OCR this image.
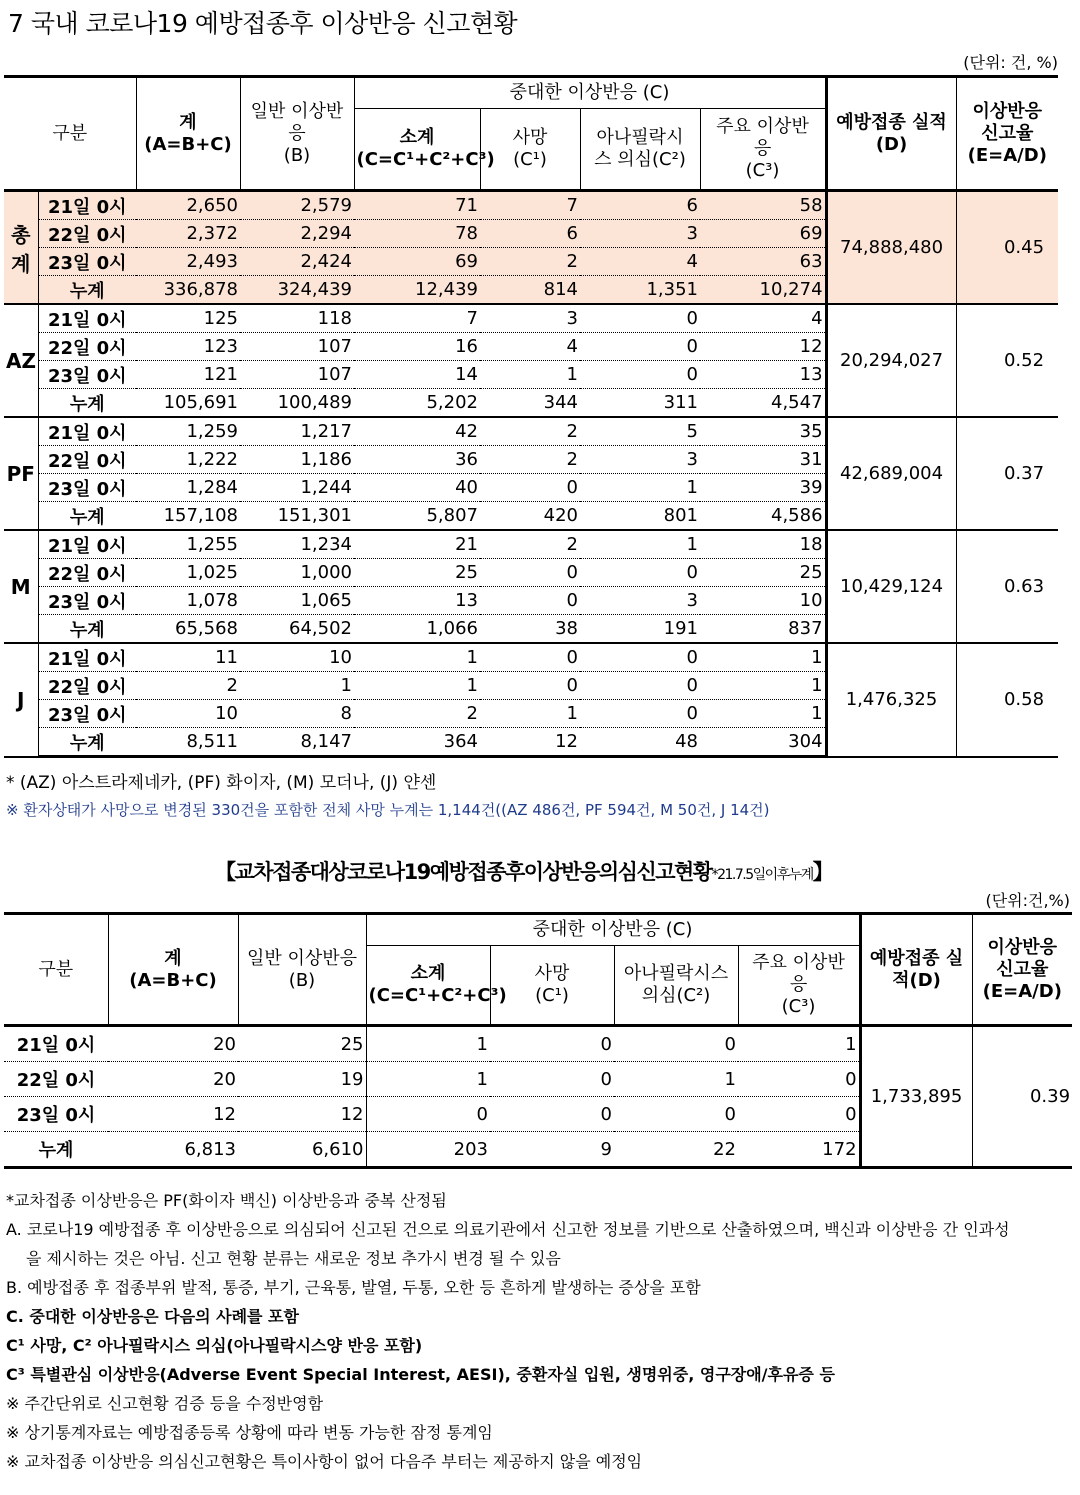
7 국내 코로나19 예방접종후 이상반응 신고현황
(단위: 건, %)
구분		계
(A=B+C)	일반 이상반
응
(B)	중대한 이상반응 (C)				예방접종 실적
(D)	이상반응
신고율
(E=A/D)
				소계
(C=C¹+C²+C³)	사망
(C¹)	아나필락시
스 의심(C²)	주요 이상반
응
(C³)		
총
계	21일 0시	2,650	2,579	71	7	6	58	74,888,480	0.45
	22일 0시	2,372	2,294	78	6	3	69		
	23일 0시	2,493	2,424	69	2	4	63		
	누계	336,878	324,439	12,439	814	1,351	10,274		
AZ	21일 0시	125	118	7	3	0	4	20,294,027	0.52
	22일 0시	123	107	16	4	0	12		
	23일 0시	121	107	14	1	0	13		
	누계	105,691	100,489	5,202	344	311	4,547		
PF	21일 0시	1,259	1,217	42	2	5	35	42,689,004	0.37
	22일 0시	1,222	1,186	36	2	3	31		
	23일 0시	1,284	1,244	40	0	1	39		
	누계	157,108	151,301	5,807	420	801	4,586		
M	21일 0시	1,255	1,234	21	2	1	18	10,429,124	0.63
	22일 0시	1,025	1,000	25	0	0	25		
	23일 0시	1,078	1,065	13	0	3	10		
	누계	65,568	64,502	1,066	38	191	837		
J	21일 0시	11	10	1	0	0	1	1,476,325	0.58
	22일 0시	2	1	1	0	0	1		
	23일 0시	10	8	2	1	0	1		
	누계	8,511	8,147	364	12	48	304		
* (AZ) 아스트라제네카, (PF) 화이자, (M) 모더나, (J) 얀센
※ 환자상태가 사망으로 변경된 330건을 포함한 전체 사망 누계는 1,144건((AZ 486건, PF 594건, M 50건, J 14건)
【교차접종대상코로나19예방접종후이상반응의심신고현황*21.7.5일이후누계】
(단위:건,%)
구분	계
(A=B+C)	일반 이상반응
(B)	중대한 이상반응 (C)				예방접종 실
적(D)	이상반응
신고율
(E=A/D)
			소계
(C=C¹+C²+C³)	사망
(C¹)	아나필락시스
의심(C²)	주요 이상반
응
(C³)		
21일 0시	20	25	1	0	0	1	1,733,895	0.39
22일 0시	20	19	1	0	1	0		
23일 0시	12	12	0	0	0	0		
누계	6,813	6,610	203	9	22	172		
*교차접종 이상반응은 PF(화이자 백신) 이상반응과 중복 산정됨
A. 코로나19 예방접종 후 이상반응으로 의심되어 신고된 건으로 의료기관에서 신고한 정보를 기반으로 산출하였으며, 백신과 이상반응 간 인과성
을 제시하는 것은 아님. 신고 현황 분류는 새로운 정보 추가시 변경 될 수 있음
B. 예방접종 후 접종부위 발적, 통증, 부기, 근육통, 발열, 두통, 오한 등 흔하게 발생하는 증상을 포함
C. 중대한 이상반응은 다음의 사례를 포함
C¹ 사망, C² 아나필락시스 의심(아나필락시스양 반응 포함)
C³ 특별관심 이상반응(Adverse Event Special Interest, AESI), 중환자실 입원, 생명위중, 영구장애/후유증 등
※ 주간단위로 신고현황 검증 등을 수정반영함
※ 상기통계자료는 예방접종등록 상황에 따라 변동 가능한 잠정 통계임
※ 교차접종 이상반응 의심신고현황은 특이사항이 없어 다음주 부터는 제공하지 않을 예정임
